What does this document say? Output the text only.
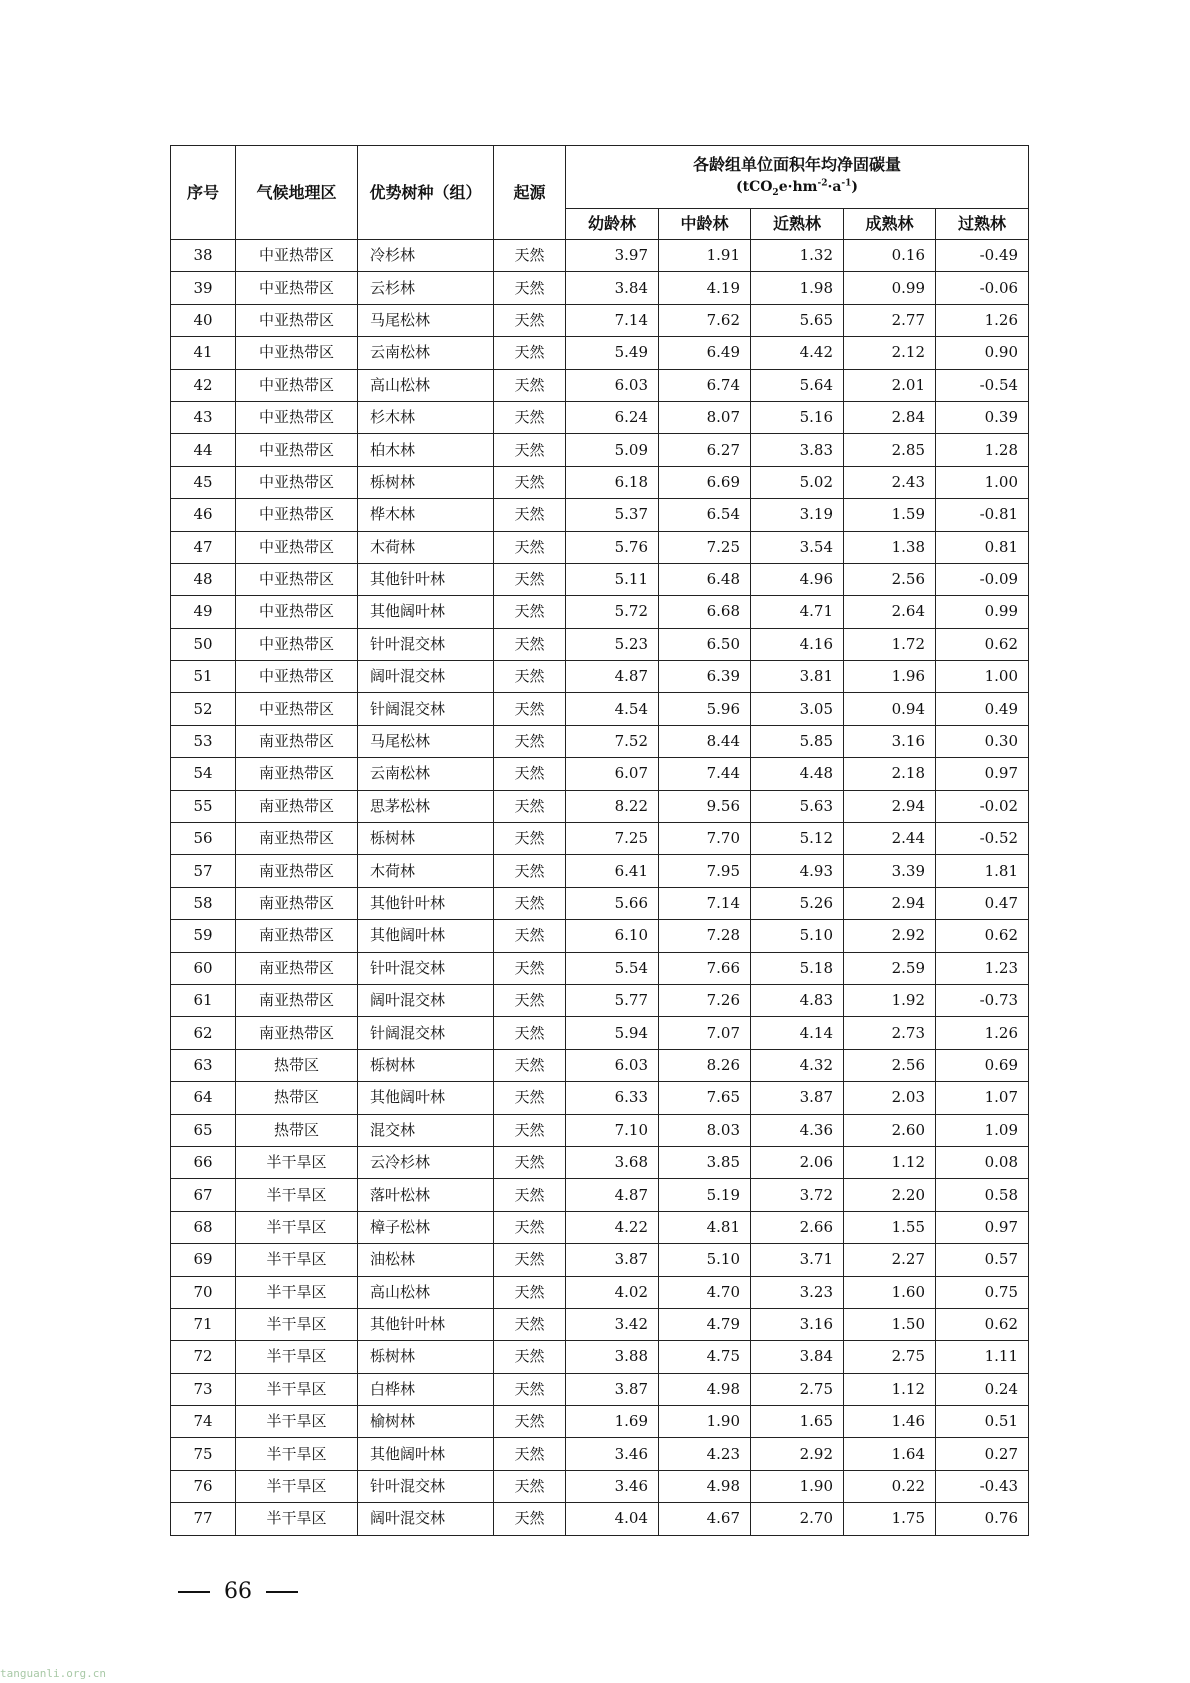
序号	气候地理区	优势树种（组）	起源	各龄组单位面积年均净固碳量
$(tCO_2e\cdot hm^{-2}\cdot a^{-1})$				

				幼龄林	中龄林	近熟林	成熟林	过熟林
38	中亚热带区	冷杉林	天然	3.97	1.91	1.32	0.16	-0.49
39	中亚热带区	云杉林	天然	3.84	4.19	1.98	0.99	-0.06
40	中亚热带区	马尾松林	天然	7.14	7.62	5.65	2.77	1.26
41	中亚热带区	云南松林	天然	5.49	6.49	4.42	2.12	0.90
42	中亚热带区	高山松林	天然	6.03	6.74	5.64	2.01	-0.54
43	中亚热带区	杉木林	天然	6.24	8.07	5.16	2.84	0.39
44	中亚热带区	柏木林	天然	5.09	6.27	3.83	2.85	1.28
45	中亚热带区	栎树林	天然	6.18	6.69	5.02	2.43	1.00
46	中亚热带区	桦木林	天然	5.37	6.54	3.19	1.59	-0.81
47	中亚热带区	木荷林	天然	5.76	7.25	3.54	1.38	0.81
48	中亚热带区	其他针叶林	天然	5.11	6.48	4.96	2.56	-0.09
49	中亚热带区	其他阔叶林	天然	5.72	6.68	4.71	2.64	0.99
50	中亚热带区	针叶混交林	天然	5.23	6.50	4.16	1.72	0.62
51	中亚热带区	阔叶混交林	天然	4.87	6.39	3.81	1.96	1.00
52	中亚热带区	针阔混交林	天然	4.54	5.96	3.05	0.94	0.49
53	南亚热带区	马尾松林	天然	7.52	8.44	5.85	3.16	0.30
54	南亚热带区	云南松林	天然	6.07	7.44	4.48	2.18	0.97
55	南亚热带区	思茅松林	天然	8.22	9.56	5.63	2.94	-0.02
56	南亚热带区	栎树林	天然	7.25	7.70	5.12	2.44	-0.52
57	南亚热带区	木荷林	天然	6.41	7.95	4.93	3.39	1.81
58	南亚热带区	其他针叶林	天然	5.66	7.14	5.26	2.94	0.47
59	南亚热带区	其他阔叶林	天然	6.10	7.28	5.10	2.92	0.62
60	南亚热带区	针叶混交林	天然	5.54	7.66	5.18	2.59	1.23
61	南亚热带区	阔叶混交林	天然	5.77	7.26	4.83	1.92	-0.73
62	南亚热带区	针阔混交林	天然	5.94	7.07	4.14	2.73	1.26
63	热带区	栎树林	天然	6.03	8.26	4.32	2.56	0.69
64	热带区	其他阔叶林	天然	6.33	7.65	3.87	2.03	1.07
65	热带区	混交林	天然	7.10	8.03	4.36	2.60	1.09
66	半干旱区	云冷杉林	天然	3.68	3.85	2.06	1.12	0.08
67	半干旱区	落叶松林	天然	4.87	5.19	3.72	2.20	0.58
68	半干旱区	樟子松林	天然	4.22	4.81	2.66	1.55	0.97
69	半干旱区	油松林	天然	3.87	5.10	3.71	2.27	0.57
70	半干旱区	高山松林	天然	4.02	4.70	3.23	1.60	0.75
71	半干旱区	其他针叶林	天然	3.42	4.79	3.16	1.50	0.62
72	半干旱区	栎树林	天然	3.88	4.75	3.84	2.75	1.11
73	半干旱区	白桦林	天然	3.87	4.98	2.75	1.12	0.24
74	半干旱区	榆树林	天然	1.69	1.90	1.65	1.46	0.51
75	半干旱区	其他阔叶林	天然	3.46	4.23	2.92	1.64	0.27
76	半干旱区	针叶混交林	天然	3.46	4.98	1.90	0.22	-0.43
77	半干旱区	阔叶混交林	天然	4.04	4.67	2.70	1.75	0.76
66
tanguanli.org.cn
